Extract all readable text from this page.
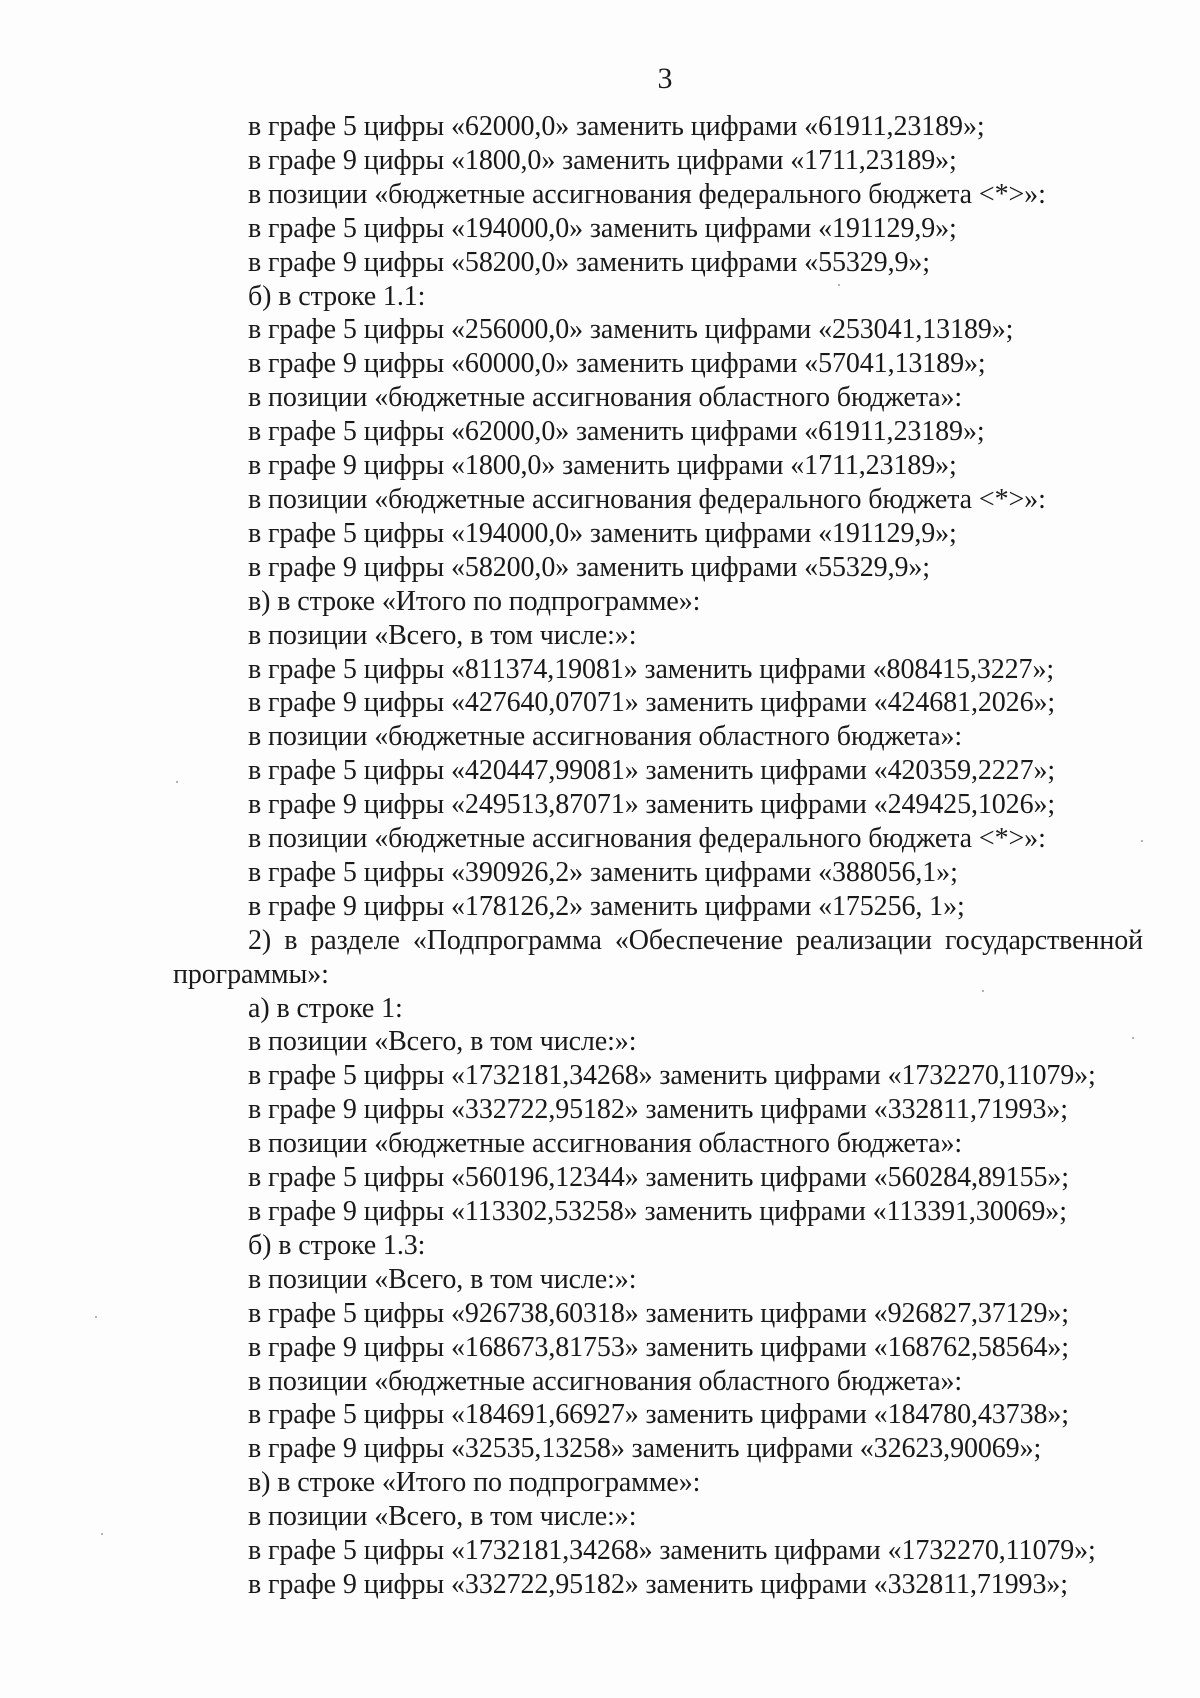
3
в графе 5 цифры «62000,0» заменить цифрами «61911,23189»;
в графе 9 цифры «1800,0» заменить цифрами «1711,23189»;
в позиции «бюджетные ассигнования федерального бюджета <*>»:
в графе 5 цифры «194000,0» заменить цифрами «191129,9»;
в графе 9 цифры «58200,0» заменить цифрами «55329,9»;
б) в строке 1.1:
в графе 5 цифры «256000,0» заменить цифрами «253041,13189»;
в графе 9 цифры «60000,0» заменить цифрами «57041,13189»;
в позиции «бюджетные ассигнования областного бюджета»:
в графе 5 цифры «62000,0» заменить цифрами «61911,23189»;
в графе 9 цифры «1800,0» заменить цифрами «1711,23189»;
в позиции «бюджетные ассигнования федерального бюджета <*>»:
в графе 5 цифры «194000,0» заменить цифрами «191129,9»;
в графе 9 цифры «58200,0» заменить цифрами «55329,9»;
в) в строке «Итого по подпрограмме»:
в позиции «Всего, в том числе:»:
в графе 5 цифры «811374,19081» заменить цифрами «808415,3227»;
в графе 9 цифры «427640,07071» заменить цифрами «424681,2026»;
в позиции «бюджетные ассигнования областного бюджета»:
в графе 5 цифры «420447,99081» заменить цифрами «420359,2227»;
в графе 9 цифры «249513,87071» заменить цифрами «249425,1026»;
в позиции «бюджетные ассигнования федерального бюджета <*>»:
в графе 5 цифры «390926,2» заменить цифрами «388056,1»;
в графе 9 цифры «178126,2» заменить цифрами «175256, 1»;
2) в разделе «Подпрограмма «Обеспечение реализации государственной
программы»:
а) в строке 1:
в позиции «Всего, в том числе:»:
в графе 5 цифры «1732181,34268» заменить цифрами «1732270,11079»;
в графе 9 цифры «332722,95182» заменить цифрами «332811,71993»;
в позиции «бюджетные ассигнования областного бюджета»:
в графе 5 цифры «560196,12344» заменить цифрами «560284,89155»;
в графе 9 цифры «113302,53258» заменить цифрами «113391,30069»;
б) в строке 1.3:
в позиции «Всего, в том числе:»:
в графе 5 цифры «926738,60318» заменить цифрами «926827,37129»;
в графе 9 цифры «168673,81753» заменить цифрами «168762,58564»;
в позиции «бюджетные ассигнования областного бюджета»:
в графе 5 цифры «184691,66927» заменить цифрами «184780,43738»;
в графе 9 цифры «32535,13258» заменить цифрами «32623,90069»;
в) в строке «Итого по подпрограмме»:
в позиции «Всего, в том числе:»:
в графе 5 цифры «1732181,34268» заменить цифрами «1732270,11079»;
в графе 9 цифры «332722,95182» заменить цифрами «332811,71993»;
